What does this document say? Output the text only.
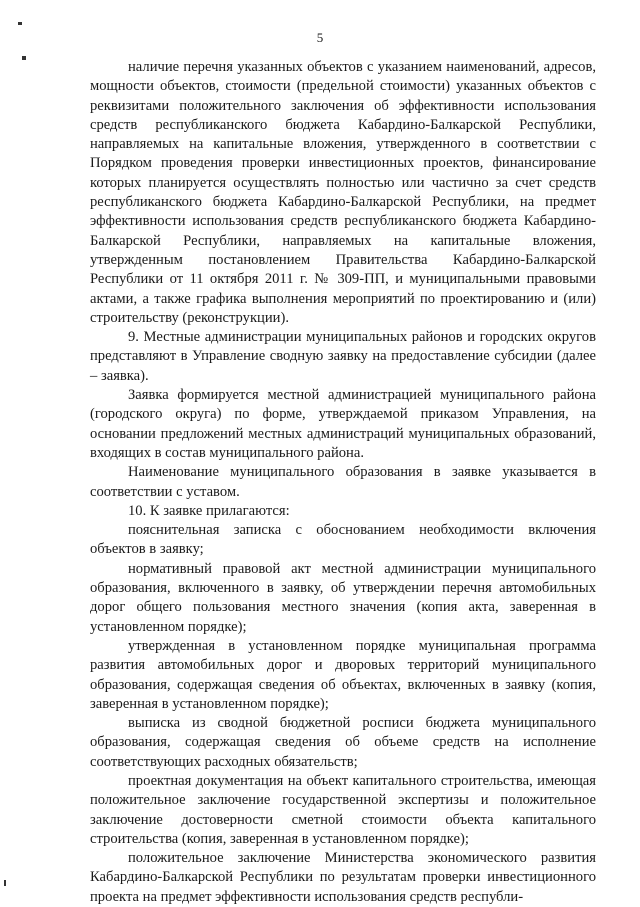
5

наличие перечня указанных объектов с указанием наименований, адресов, мощности объектов, стоимости (предельной стоимости) указанных объектов с реквизитами положительного заключения об эффективности использования средств республиканского бюджета Кабардино-Балкарской Республики, направляемых на капитальные вложения, утвержденного в соответствии с Порядком проведения проверки инвестиционных проектов, финансирование которых планируется осуществлять полностью или частично за счет средств республиканского бюджета Кабардино-Балкарской Республики, на предмет эффективности использования средств республиканского бюджета Кабардино-Балкарской Республики, направляемых на капитальные вложения, утвержденным постановлением Правительства Кабардино-Балкарской Республики от 11 октября 2011 г. № 309-ПП, и муниципальными правовыми актами, а также графика выполнения мероприятий по проектированию и (или) строительству (реконструкции).

9. Местные администрации муниципальных районов и городских округов представляют в Управление сводную заявку на предоставление субсидии (далее – заявка).

Заявка формируется местной администрацией муниципального района (городского округа) по форме, утверждаемой приказом Управления, на основании предложений местных администраций муниципальных образований, входящих в состав муниципального района.

Наименование муниципального образования в заявке указывается в соответствии с уставом.

10. К заявке прилагаются:

пояснительная записка с обоснованием необходимости включения объектов в заявку;

нормативный правовой акт местной администрации муниципального образования, включенного в заявку, об утверждении перечня автомобильных дорог общего пользования местного значения (копия акта, заверенная в установленном порядке);

утвержденная в установленном порядке муниципальная программа развития автомобильных дорог и дворовых территорий муниципального образования, содержащая сведения об объектах, включенных в заявку (копия, заверенная в установленном порядке);

выписка из сводной бюджетной росписи бюджета муниципального образования, содержащая сведения об объеме средств на исполнение соответствующих расходных обязательств;

проектная документация на объект капитального строительства, имеющая положительное заключение государственной экспертизы и положительное заключение достоверности сметной стоимости объекта капитального строительства (копия, заверенная в установленном порядке);

положительное заключение Министерства экономического развития Кабардино-Балкарской Республики по результатам проверки инвестиционного проекта на предмет эффективности использования средств республи-
